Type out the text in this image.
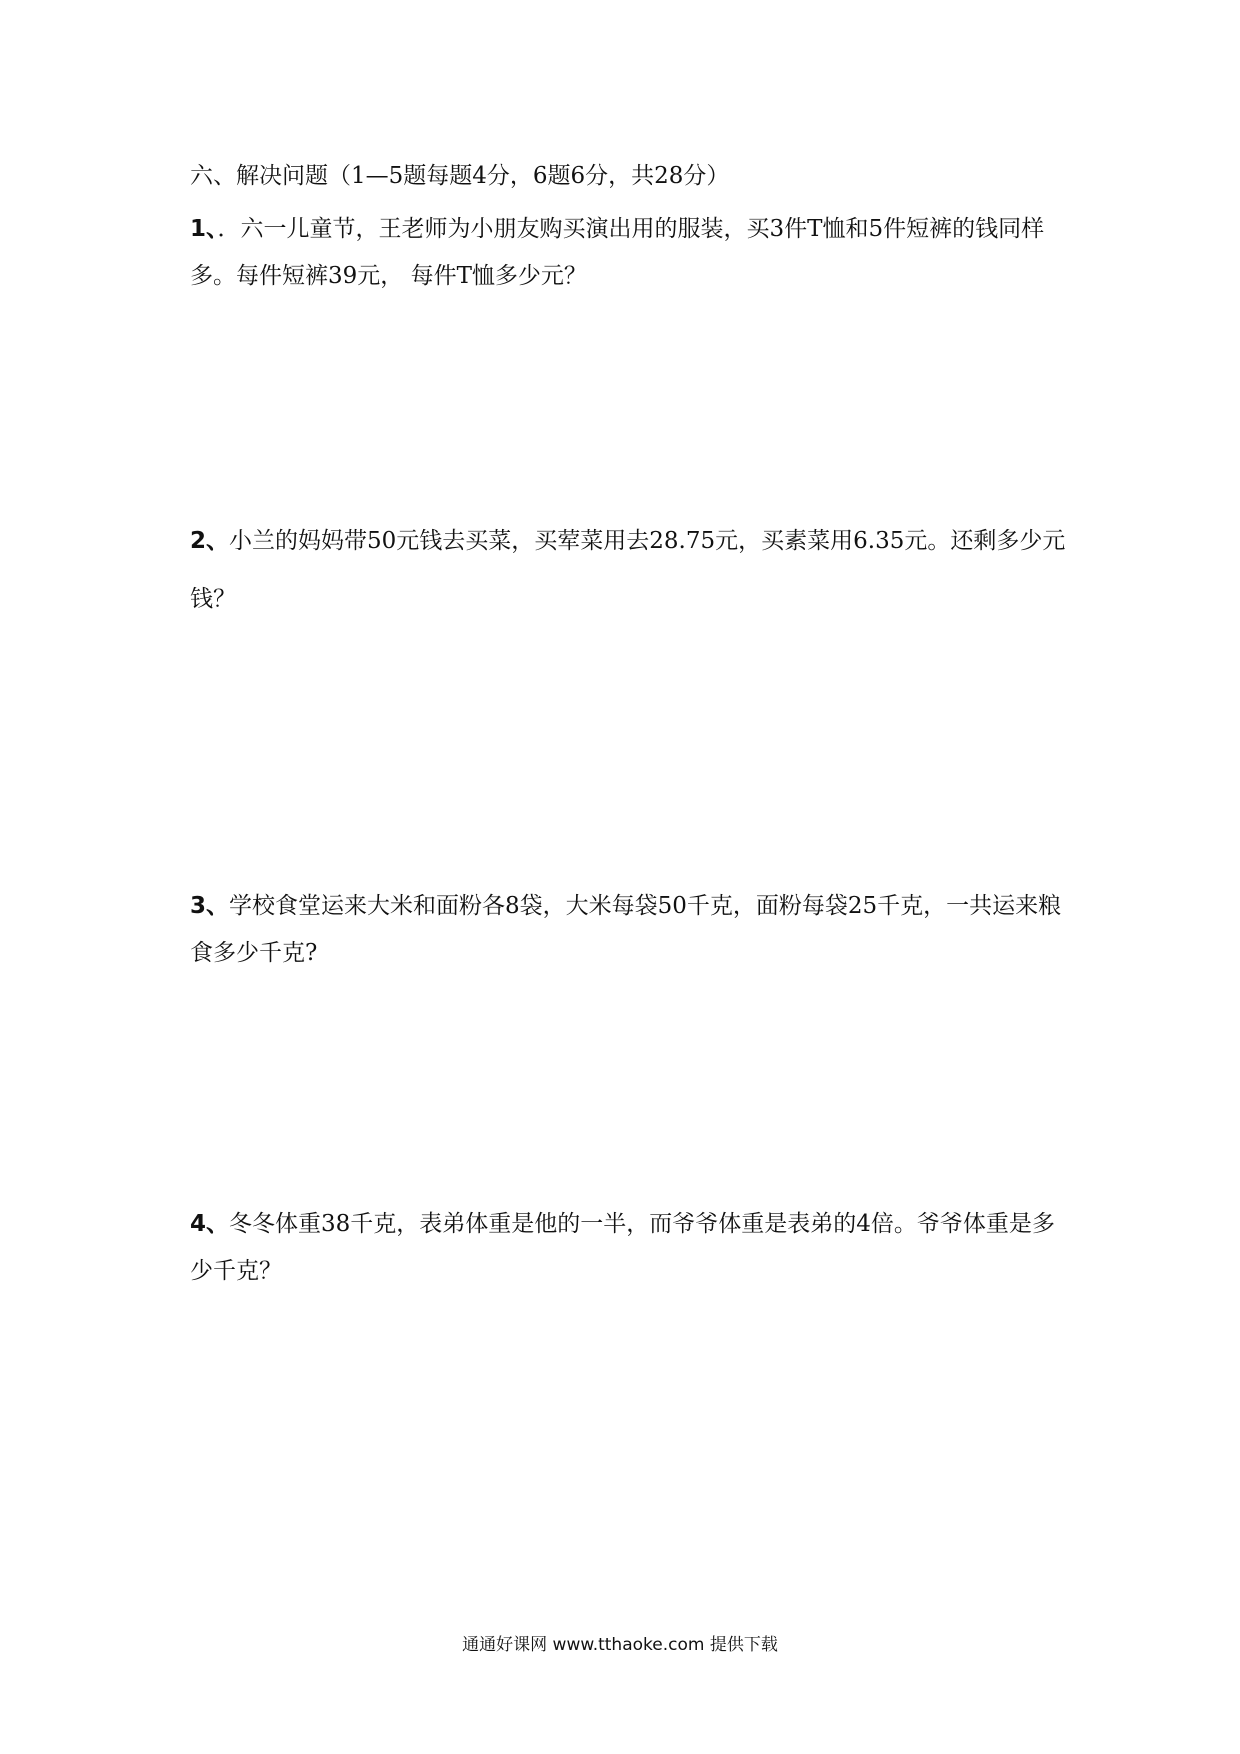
六、解决问题（1—5题每题4分，6题6分，共28分）
1、．六一儿童节，王老师为小朋友购买演出用的服装，买3件T恤和5件短裤的钱同样多。每件短裤39元， 每件T恤多少元？
2、小兰的妈妈带50元钱去买菜，买荤菜用去28.75元，买素菜用6.35元。还剩多少元钱？
3、学校食堂运来大米和面粉各8袋，大米每袋50千克，面粉每袋25千克，一共运来粮食多少千克?
4、冬冬体重38千克，表弟体重是他的一半，而爷爷体重是表弟的4倍。爷爷体重是多少千克？
通通好课网 www.tthaoke.com 提供下载
